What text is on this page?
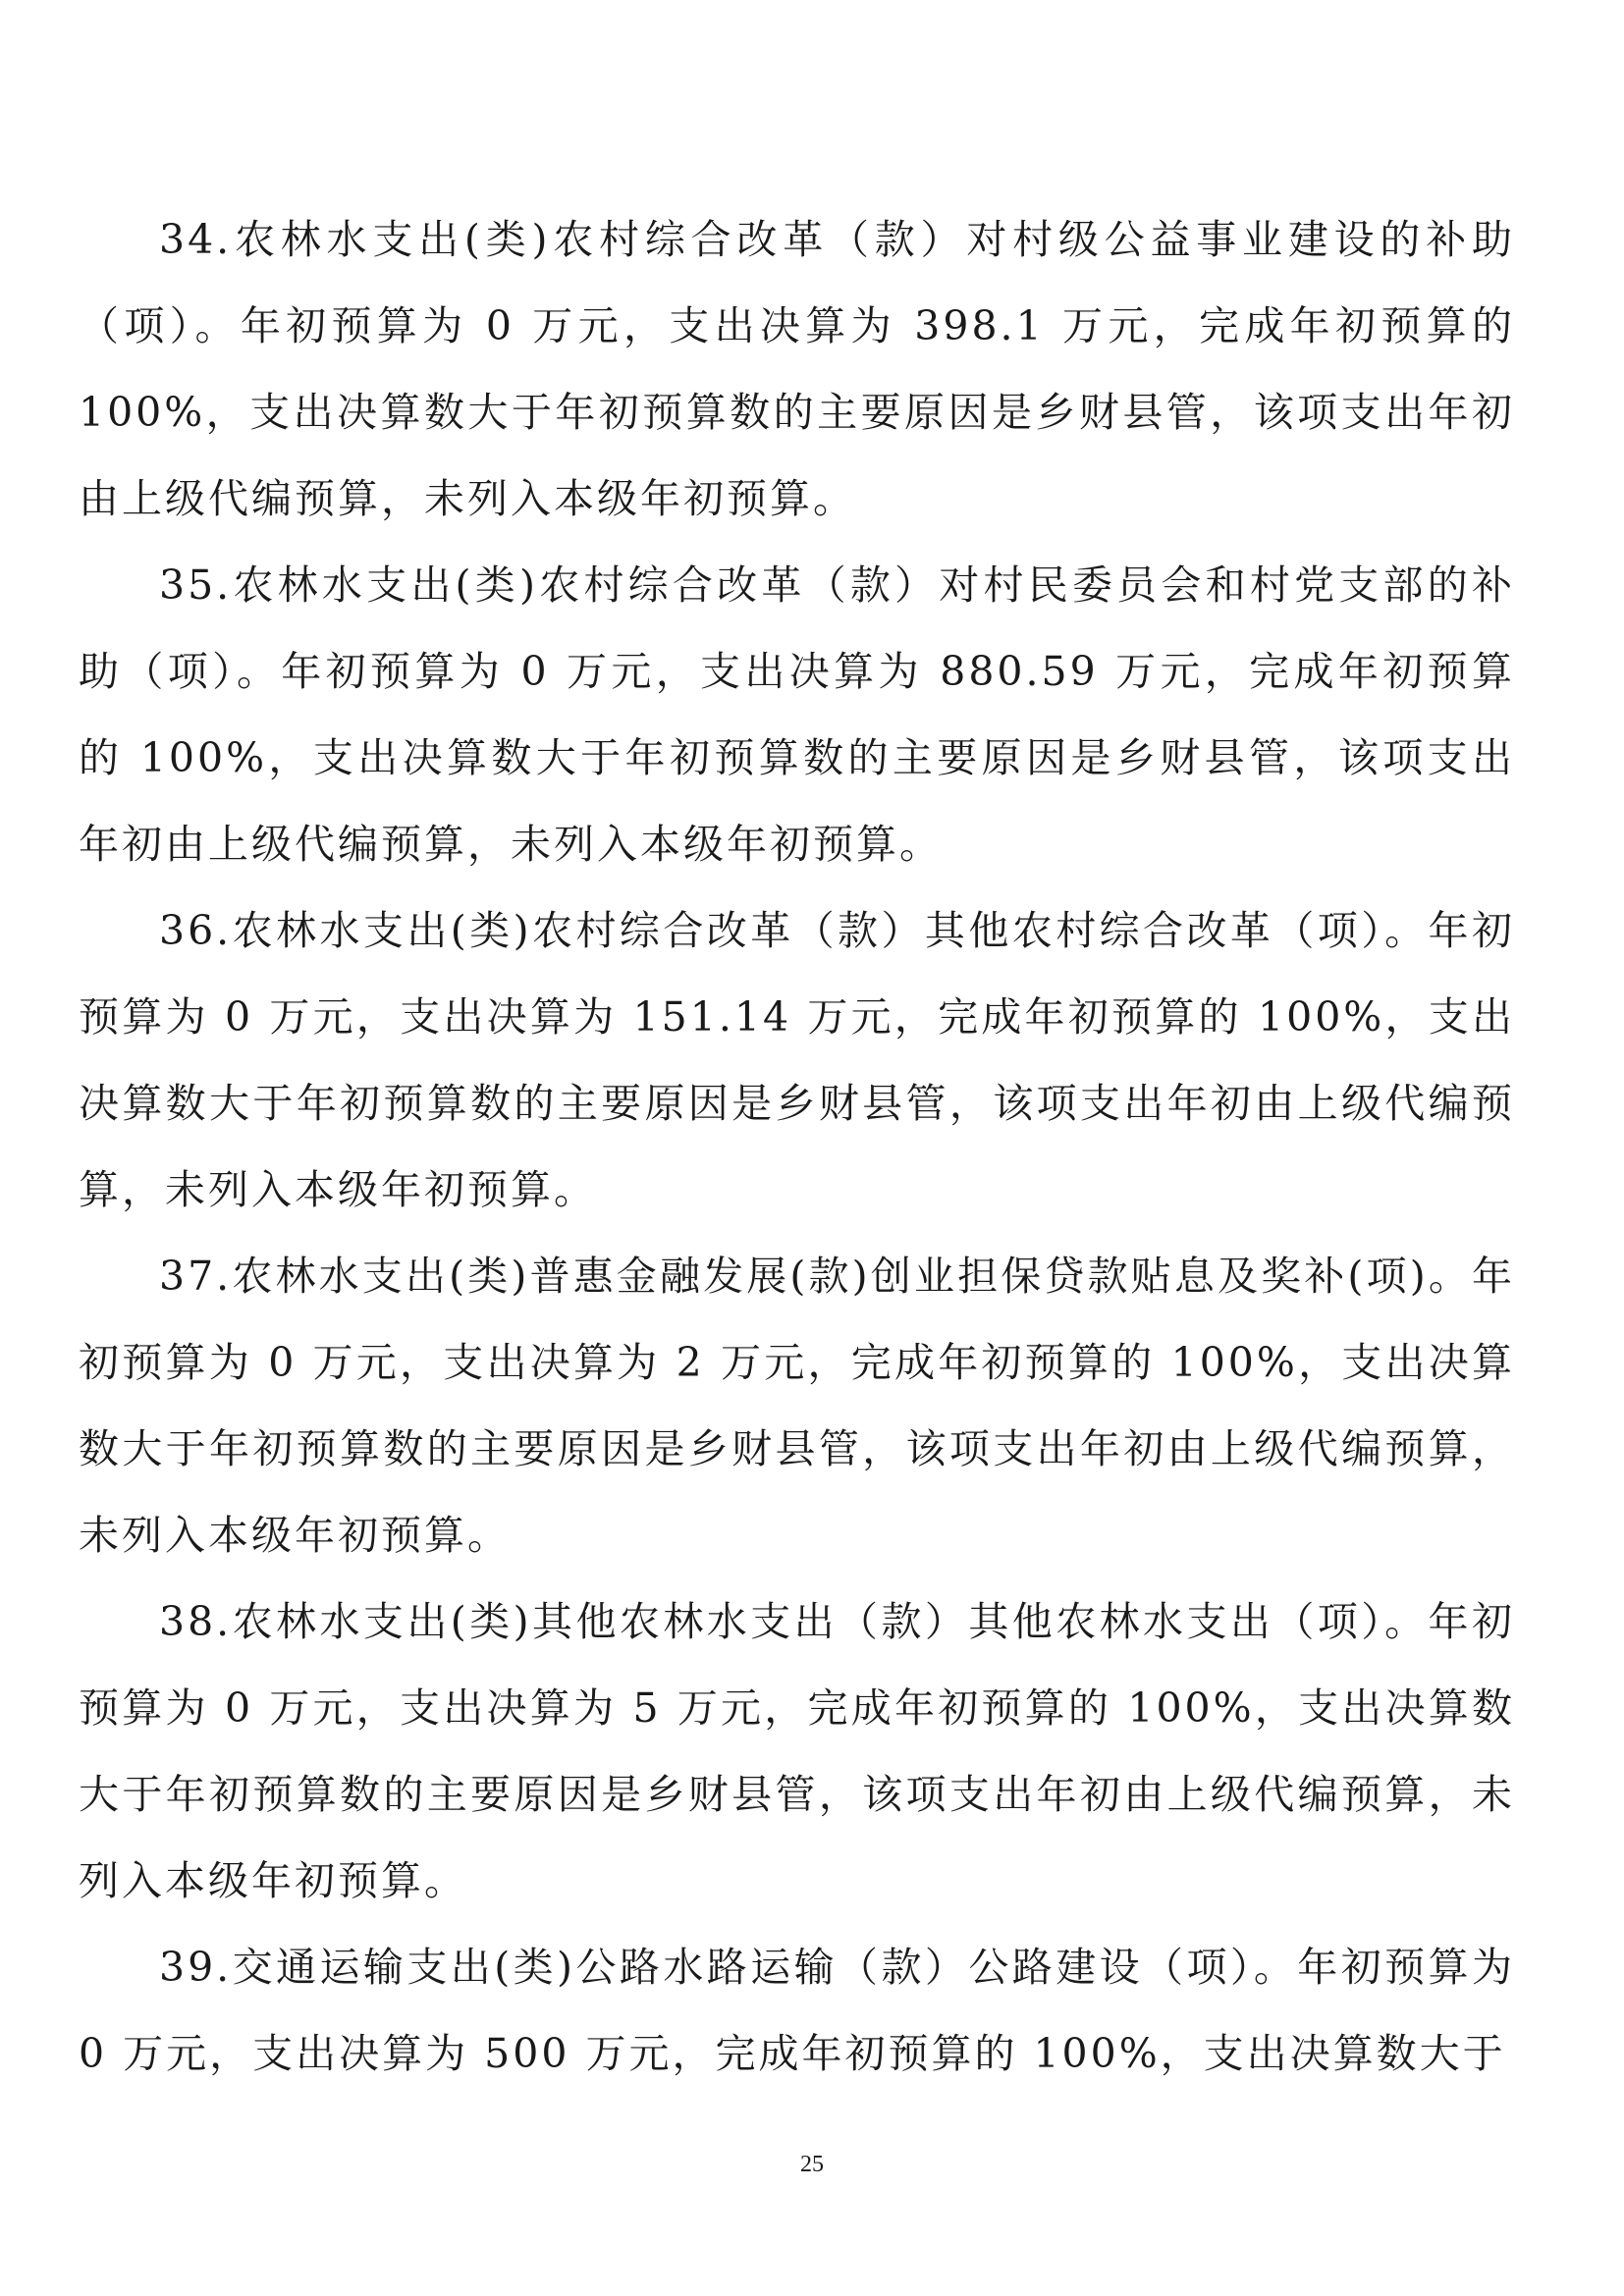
34.农林水支出(类)农村综合改革（款）对村级公益事业建设的补助（项）。年初预算为 0 万元，支出决算为 398.1 万元，完成年初预算的 100%，支出决算数大于年初预算数的主要原因是乡财县管，该项支出年初由上级代编预算，未列入本级年初预算。

35.农林水支出(类)农村综合改革（款）对村民委员会和村党支部的补助（项）。年初预算为 0 万元，支出决算为 880.59 万元，完成年初预算的 100%，支出决算数大于年初预算数的主要原因是乡财县管，该项支出年初由上级代编预算，未列入本级年初预算。

36.农林水支出(类)农村综合改革（款）其他农村综合改革（项）。年初预算为 0 万元，支出决算为 151.14 万元，完成年初预算的 100%，支出决算数大于年初预算数的主要原因是乡财县管，该项支出年初由上级代编预算，未列入本级年初预算。

37.农林水支出(类)普惠金融发展(款)创业担保贷款贴息及奖补(项)。年初预算为 0 万元，支出决算为 2 万元，完成年初预算的 100%，支出决算数大于年初预算数的主要原因是乡财县管，该项支出年初由上级代编预算，未列入本级年初预算。

38.农林水支出(类)其他农林水支出（款）其他农林水支出（项）。年初预算为 0 万元，支出决算为 5 万元，完成年初预算的 100%，支出决算数大于年初预算数的主要原因是乡财县管，该项支出年初由上级代编预算，未列入本级年初预算。

39.交通运输支出(类)公路水路运输（款）公路建设（项）。年初预算为 0 万元，支出决算为 500 万元，完成年初预算的 100%，支出决算数大于

25
